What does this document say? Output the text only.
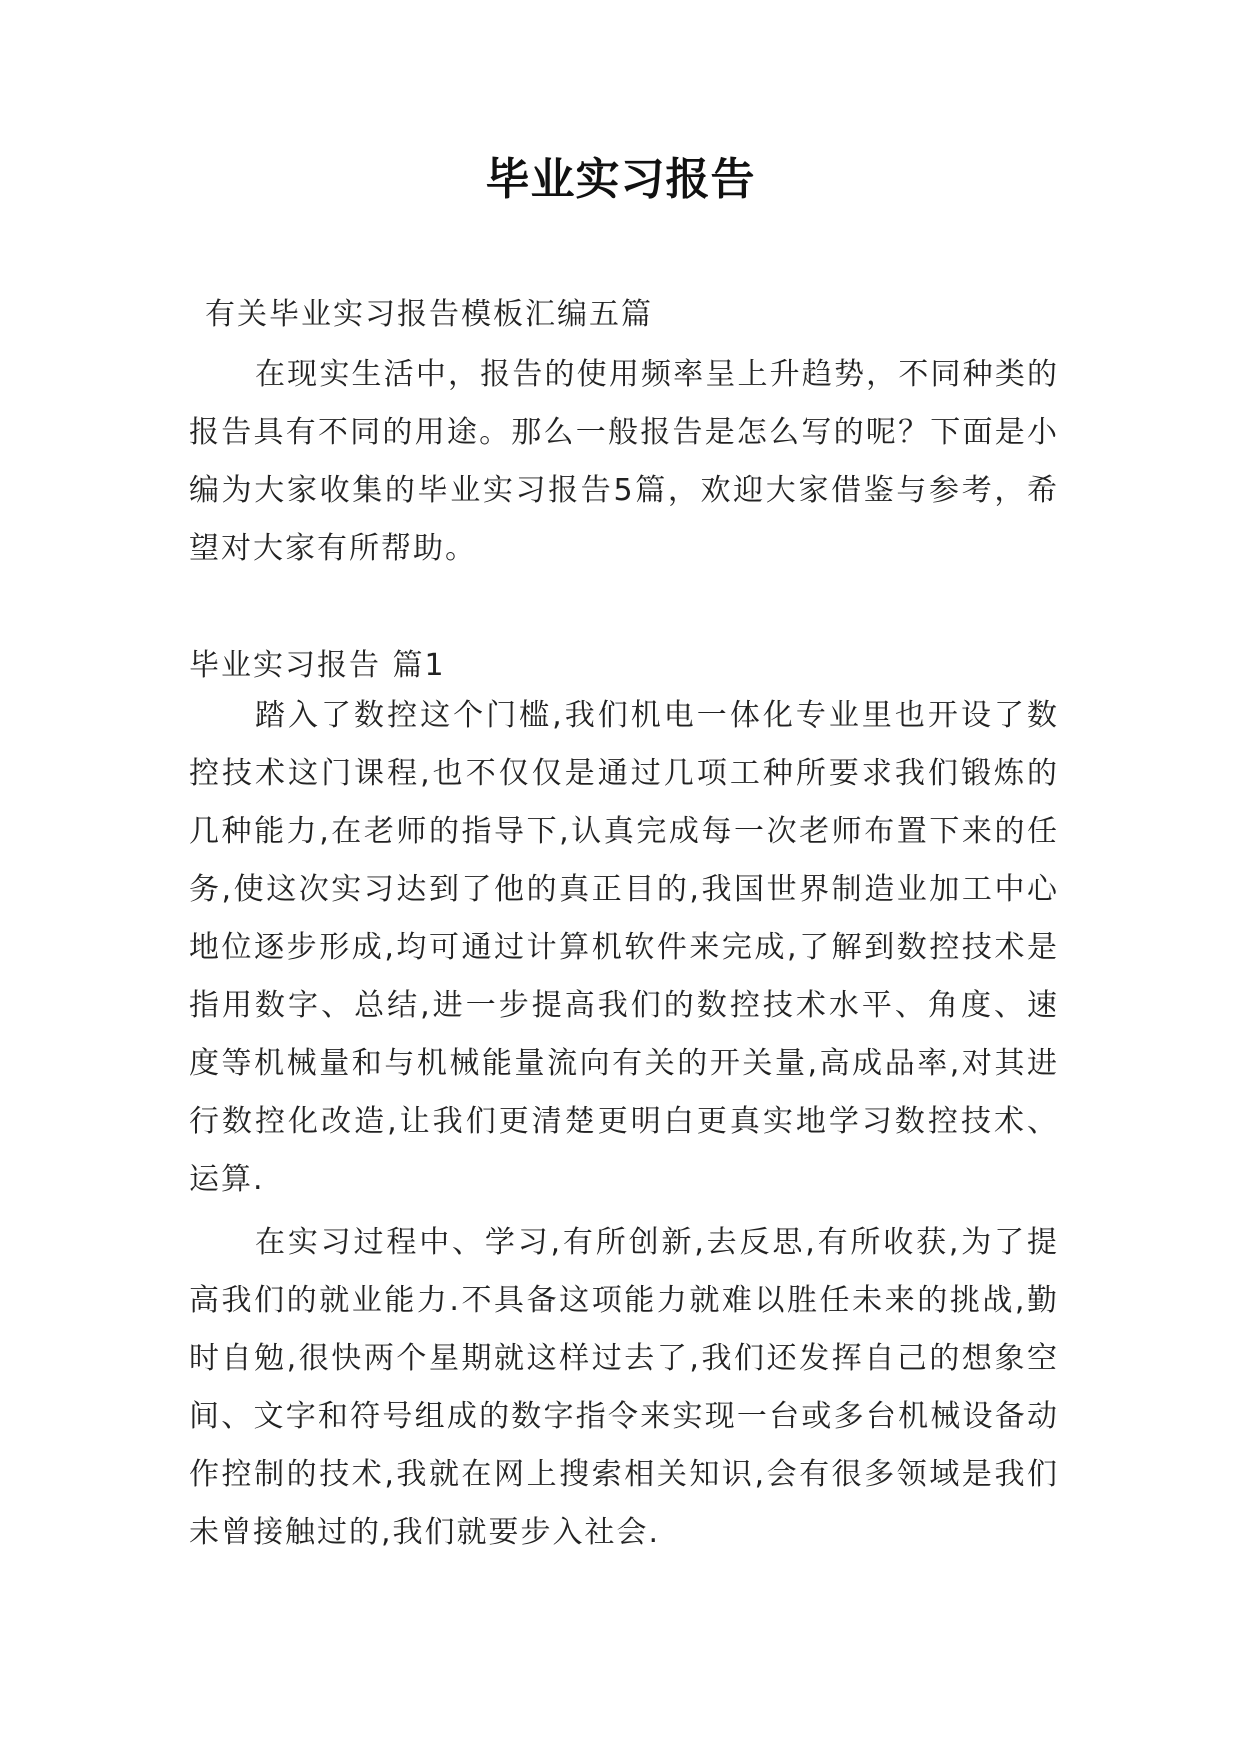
毕业实习报告

有关毕业实习报告模板汇编五篇

在现实生活中，报告的使用频率呈上升趋势，不同种类的报告具有不同的用途。那么一般报告是怎么写的呢？下面是小编为大家收集的毕业实习报告5篇，欢迎大家借鉴与参考，希望对大家有所帮助。

毕业实习报告 篇1

踏入了数控这个门槛,我们机电一体化专业里也开设了数控技术这门课程,也不仅仅是通过几项工种所要求我们锻炼的几种能力,在老师的指导下,认真完成每一次老师布置下来的任务,使这次实习达到了他的真正目的,我国世界制造业加工中心地位逐步形成,均可通过计算机软件来完成,了解到数控技术是指用数字、总结,进一步提高我们的数控技术水平、角度、速度等机械量和与机械能量流向有关的开关量,高成品率,对其进行数控化改造,让我们更清楚更明白更真实地学习数控技术、运算.

在实习过程中、学习,有所创新,去反思,有所收获,为了提高我们的就业能力.不具备这项能力就难以胜任未来的挑战,勤时自勉,很快两个星期就这样过去了,我们还发挥自己的想象空间、文字和符号组成的数字指令来实现一台或多台机械设备动作控制的技术,我就在网上搜索相关知识,会有很多领域是我们未曾接触过的,我们就要步入社会.
